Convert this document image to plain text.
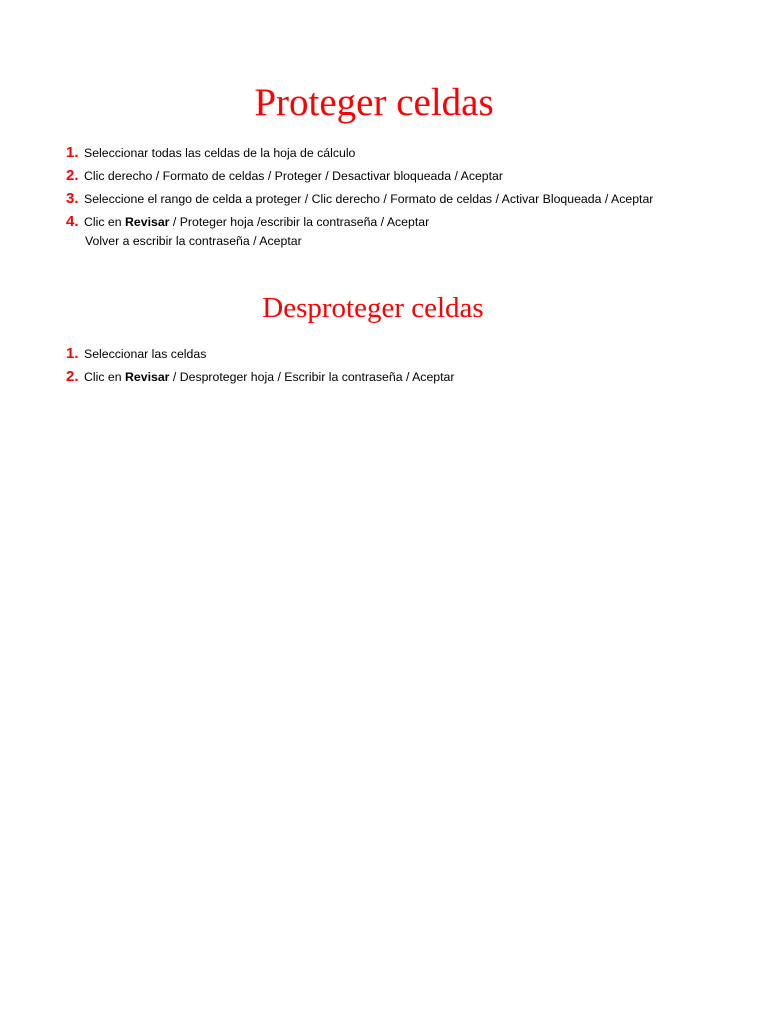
Proteger celdas
1. Seleccionar todas las celdas de la hoja de cálculo
2. Clic derecho / Formato de celdas / Proteger / Desactivar bloqueada / Aceptar
3. Seleccione el rango de celda a proteger / Clic derecho / Formato de celdas / Activar Bloqueada / Aceptar
4. Clic en Revisar / Proteger hoja /escribir la contraseña / Aceptar
Volver a escribir la contraseña / Aceptar
Desproteger celdas
1. Seleccionar las celdas
2. Clic en Revisar / Desproteger hoja / Escribir la contraseña / Aceptar
